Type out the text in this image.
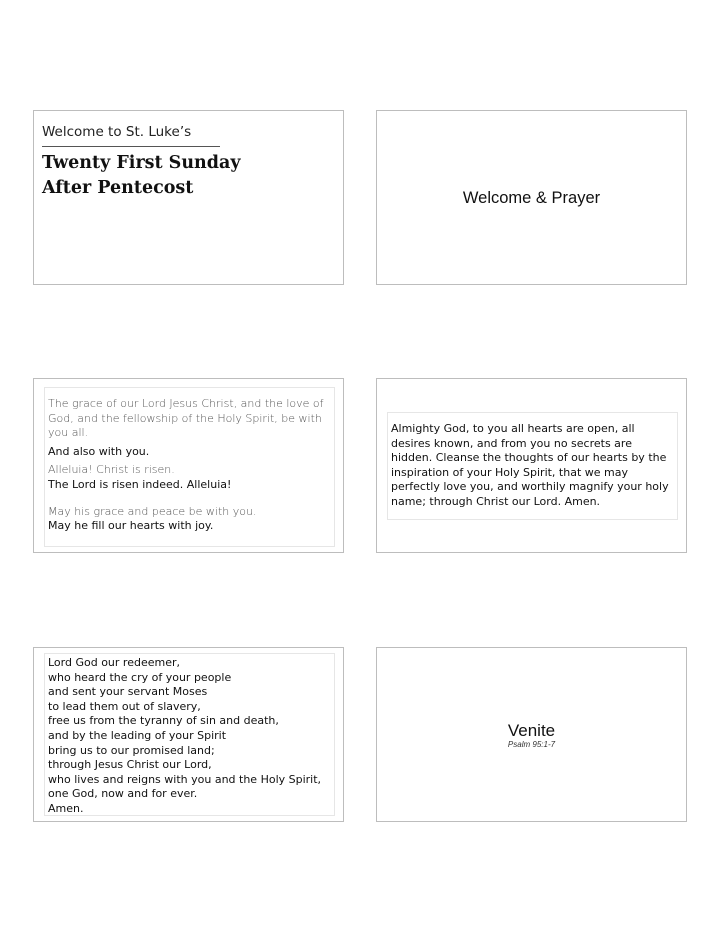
Welcome to St. Luke’s
Twenty First Sunday
After Pentecost	Welcome & Prayer
The grace of our Lord Jesus Christ, and the love of God, and the fellowship of the Holy Spirit, be with you all.
And also with you.
Alleluia! Christ is risen.
The Lord is risen indeed. Alleluia!
May his grace and peace be with you.
May he fill our hearts with joy.
Almighty God, to you all hearts are open, all desires known, and from you no secrets are hidden. Cleanse the thoughts of our hearts by the inspiration of your Holy Spirit, that we may perfectly love you, and worthily magnify your holy name; through Christ our Lord. Amen.
Lord God our redeemer,
who heard the cry of your people
and sent your servant Moses
to lead them out of slavery,
free us from the tyranny of sin and death,
and by the leading of your Spirit
bring us to our promised land;
through Jesus Christ our Lord,
who lives and reigns with you and the Holy Spirit,
one God, now and for ever.
Amen.
Venite
Psalm 95:1-7
